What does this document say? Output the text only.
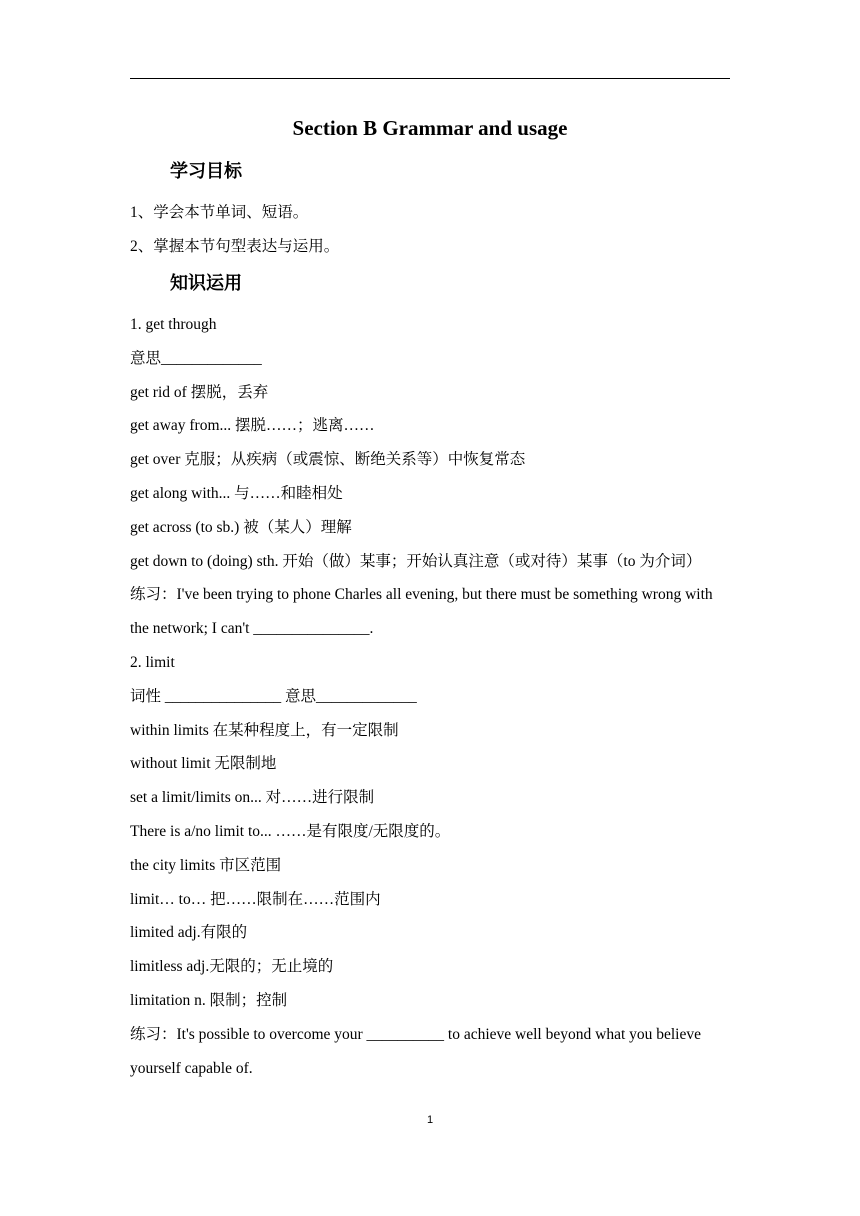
Section B Grammar and usage
学习目标
1、学会本节单词、短语。
2、掌握本节句型表达与运用。
知识运用
1. get through
意思_____________
get rid of 摆脱，丢弃
get away from... 摆脱……；逃离……
get over 克服；从疾病（或震惊、断绝关系等）中恢复常态
get along with... 与……和睦相处
get across (to sb.) 被（某人）理解
get down to (doing) sth. 开始（做）某事；开始认真注意（或对待）某事（to 为介词）
练习：I've been trying to phone Charles all evening, but there must be something wrong with the network; I can't _______________.
2. limit
词性 _______________ 意思_____________
within limits 在某种程度上，有一定限制
without limit 无限制地
set a limit/limits on... 对……进行限制
There is a/no limit to... ……是有限度/无限度的。
the city limits 市区范围
limit… to… 把……限制在……范围内
limited adj.有限的
limitless adj.无限的；无止境的
limitation n. 限制；控制
练习：It's possible to overcome your __________ to achieve well beyond what you believe yourself capable of.
1
